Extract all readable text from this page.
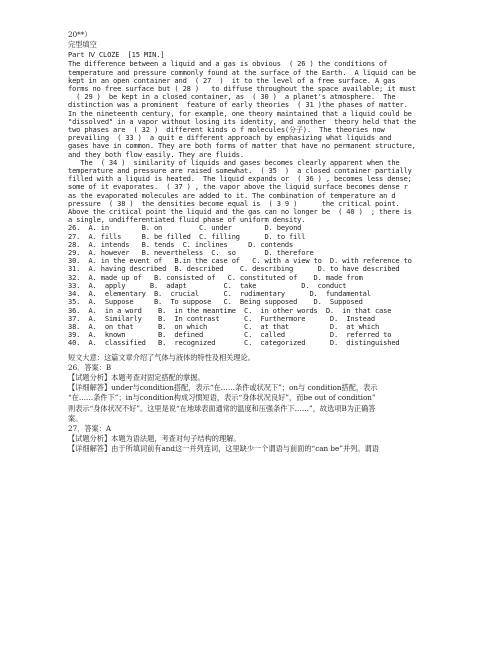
20**）
完型填空
Part Ⅳ CLOZE  [15 MIN.]
The difference between a liquid and a gas is obvious  ( 26 ) the conditions of
temperature and pressure commonly found at the surface of the Earth.  A liquid can be
kept in an open container and  ( 27  )  it to the level of a free surface. A gas
forms no free surface but ( 28 )   to diffuse throughout the space available; it must
( 29 )  be kept in a closed container, as  ( 30 )  a planet's atmosphere.  The
distinction was a prominent  feature of early theories  ( 31 )the phases of matter.
In the nineteenth century, for example, one theory maintained that a liquid could be
"dissolved" in a vapor without losing its identity, and another  theory held that the
two phases are  ( 32 )  different kinds o f molecules(分子).  The theories now
prevailing  ( 33 )  a quit e different approach by emphasizing what liquids and
gases have in common. They are both forms of matter that have no permanent structure,
and they both flow easily. They are fluids.
The  ( 34 )  similarity of liquids and gases becomes clearly apparent when the
temperature and pressure are raised somewhat.  ( 35  )  a closed container partially
filled with a liquid is heated.  The liquid expands or  ( 36 ) , becomes less dense;
some of it evaporates.  ( 37 ) , the vapor above the liquid surface becomes dense r
as the evaporated molecules are added to it. The combination of temperature an d
pressure  ( 38 )  the densities become equal is  ( 3 9 )      the critical point.
Above the critical point the liquid and the gas can no longer be  ( 40 )  ; there is
a single, undifferentiated fluid phase of uniform density.
26.  A. in        B. on         C. under        D. beyond
27.  A. fills     B. be filled  C. filling      D. to fill
28.  A. intends   B. tends  C. inclines     D. contends
29.  A. however   B. nevertheless  C.  so       D. therefore
30.  A. in the event of   B.in the case of   C. with a view to  D. with reference to
31.  A. having described  B. described    C. describing      D. to have described
32.  A. made up of   B. consisted of   C. constituted of    D. made from
33.  A.  apply      B.  adapt         C.  take           D.  conduct
34.  A.  elementary  B.  crucial      C.  rudimentary      D.  fundamental
35.  A.  Suppose     B.  To suppose   C.  Being supposed    D.  Supposed
36.  A.  in a word    B.  in the meantime  C.  in other words  D.  in that case
37.  A.  Similarly    B.  In contrast      C.  Furthermore      D.  Instead
38.  A.  on that      B.  on which         C.  at that          D.  at which
39.  A.  known        B.  defined          C.  called           D.  referred to
40.  A.  classified   B.  recognized       C.  categorized      D.  distinguished
短文大意：这篇文章介绍了气体与液体的特性及相关理论。
26．答案：B
【试题分析】本题考查对固定搭配的掌握。
【详细解答】under与condition搭配，表示“在……条件或状况下”；on与 condition搭配，表示
“在……条件下”；in与condition构成习惯短语，表示“身体状况良好”，而be out of condition”
则表示“身体状况不好”。这里是说“在地球表面通常的温度和压强条件下……”，故选项B为正确答
案。
27．答案：A
【试题分析】本题为语法题，考查对句子结构的理解。
【详细解答】由于所填词前有and这一并列连词，这里缺少一个谓语与前面的“can be”并列。谓语
